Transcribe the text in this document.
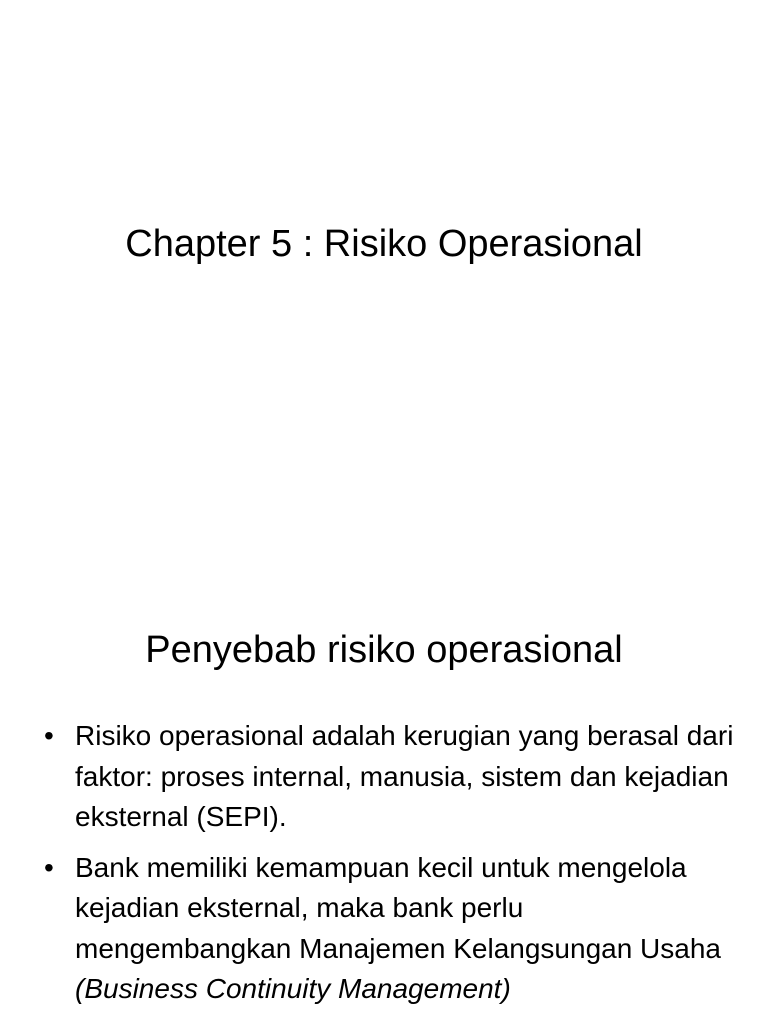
Chapter 5 : Risiko Operasional
Penyebab risiko operasional
• Risiko operasional adalah kerugian yang berasal dari faktor: proses internal, manusia, sistem dan kejadian eksternal (SEPI).
• Bank memiliki kemampuan kecil untuk mengelola kejadian eksternal, maka bank perlu mengembangkan Manajemen Kelangsungan Usaha (Business Continuity Management)
